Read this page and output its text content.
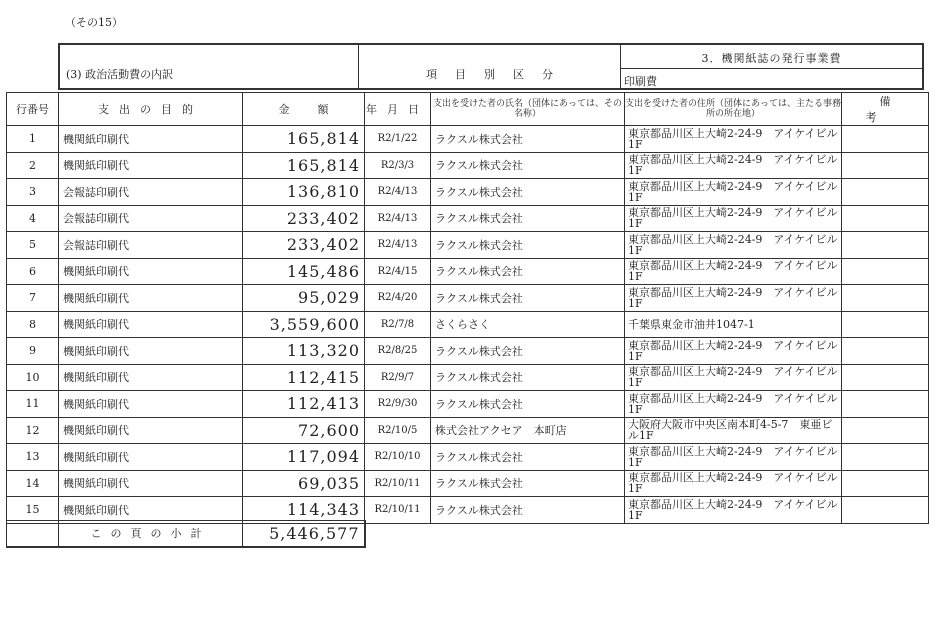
（その15）
(3) 政治活動費の内訳	項目別区分
3．機関紙誌の発行事業費
印刷費
行番号	支出の目的	金額	年月日	支出を受けた者の氏名（団体にあっては、その名称）	支出を受けた者の住所（団体にあっては、主たる事務所の所在地）	備考
1	機関紙印刷代	165,814	R2/1/22	ラクスル株式会社	東京都品川区上大崎2-24-9　アイケイビル1F	

2	機関紙印刷代	165,814	R2/3/3	ラクスル株式会社	東京都品川区上大崎2-24-9　アイケイビル1F	

3	会報誌印刷代	136,810	R2/4/13	ラクスル株式会社	東京都品川区上大崎2-24-9　アイケイビル1F	

4	会報誌印刷代	233,402	R2/4/13	ラクスル株式会社	東京都品川区上大崎2-24-9　アイケイビル1F	

5	会報誌印刷代	233,402	R2/4/13	ラクスル株式会社	東京都品川区上大崎2-24-9　アイケイビル1F	

6	機関紙印刷代	145,486	R2/4/15	ラクスル株式会社	東京都品川区上大崎2-24-9　アイケイビル1F	

7	機関紙印刷代	95,029	R2/4/20	ラクスル株式会社	東京都品川区上大崎2-24-9　アイケイビル1F	

8	機関紙印刷代	3,559,600	R2/7/8	さくらさく	千葉県東金市油井1047-1	

9	機関紙印刷代	113,320	R2/8/25	ラクスル株式会社	東京都品川区上大崎2-24-9　アイケイビル1F	

10	機関紙印刷代	112,415	R2/9/7	ラクスル株式会社	東京都品川区上大崎2-24-9　アイケイビル1F	

11	機関紙印刷代	112,413	R2/9/30	ラクスル株式会社	東京都品川区上大崎2-24-9　アイケイビル1F	

12	機関紙印刷代	72,600	R2/10/5	株式会社アクセア　本町店	大阪府大阪市中央区南本町4-5-7　東亜ビル1F	

13	機関紙印刷代	117,094	R2/10/10	ラクスル株式会社	東京都品川区上大崎2-24-9　アイケイビル1F	

14	機関紙印刷代	69,035	R2/10/11	ラクスル株式会社	東京都品川区上大崎2-24-9　アイケイビル1F	

15	機関紙印刷代	114,343	R2/10/11	ラクスル株式会社	東京都品川区上大崎2-24-9　アイケイビル1F	

	この頁の小計	5,446,577
